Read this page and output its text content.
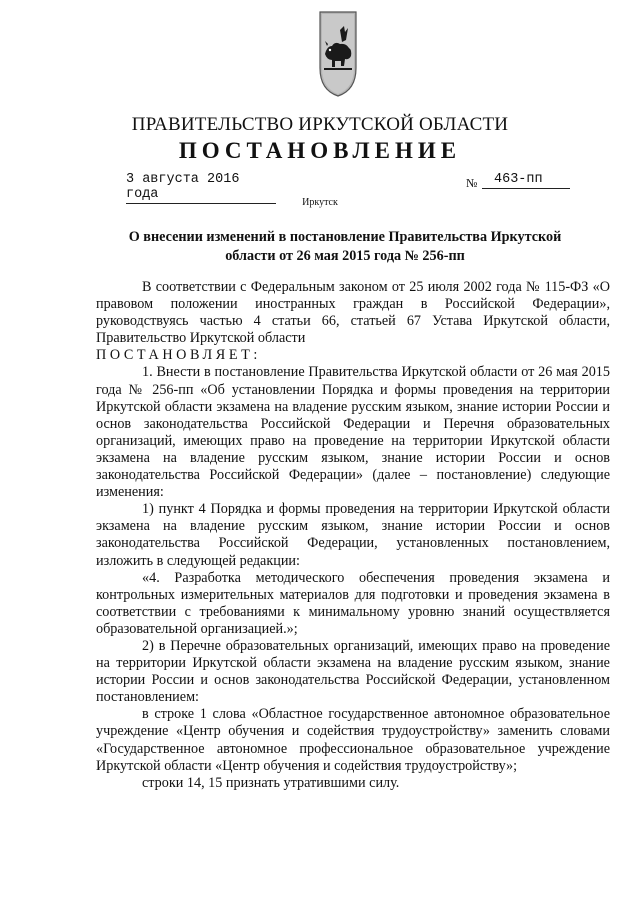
ПРАВИТЕЛЬСТВО ИРКУТСКОЙ ОБЛАСТИ
ПОСТАНОВЛЕНИЕ
3 августа 2016 года
№	463-пп
Иркутск
О внесении изменений в постановление Правительства Иркутской области от 26 мая 2015 года № 256-пп

В соответствии с Федеральным законом от 25 июля 2002 года № 115-ФЗ «О правовом положении иностранных граждан в Российской Федерации», руководствуясь частью 4 статьи 66, статьей 67 Устава Иркутской области, Правительство Иркутской области

ПОСТАНОВЛЯЕТ:

1. Внести в постановление Правительства Иркутской области от 26 мая 2015 года № 256-пп «Об установлении Порядка и формы проведения на территории Иркутской области экзамена на владение русским языком, знание истории России и основ законодательства Российской Федерации и Перечня образовательных организаций, имеющих право на проведение на территории Иркутской области экзамена на владение русским языком, знание истории России и основ законодательства Российской Федерации» (далее – постановление) следующие изменения:

1) пункт 4 Порядка и формы проведения на территории Иркутской области экзамена на владение русским языком, знание истории России и основ законодательства Российской Федерации, установленных постановлением, изложить в следующей редакции:

«4. Разработка методического обеспечения проведения экзамена и контрольных измерительных материалов для подготовки и проведения экзамена в соответствии с требованиями к минимальному уровню знаний осуществляется образовательной организацией.»;

2) в Перечне образовательных организаций, имеющих право на проведение на территории Иркутской области экзамена на владение русским языком, знание истории России и основ законодательства Российской Федерации, установленном постановлением:

в строке 1 слова «Областное государственное автономное образовательное учреждение «Центр обучения и содействия трудоустройству» заменить словами «Государственное автономное профессиональное образовательное учреждение Иркутской области «Центр обучения и содействия трудоустройству»;

строки 14, 15 признать утратившими силу.
